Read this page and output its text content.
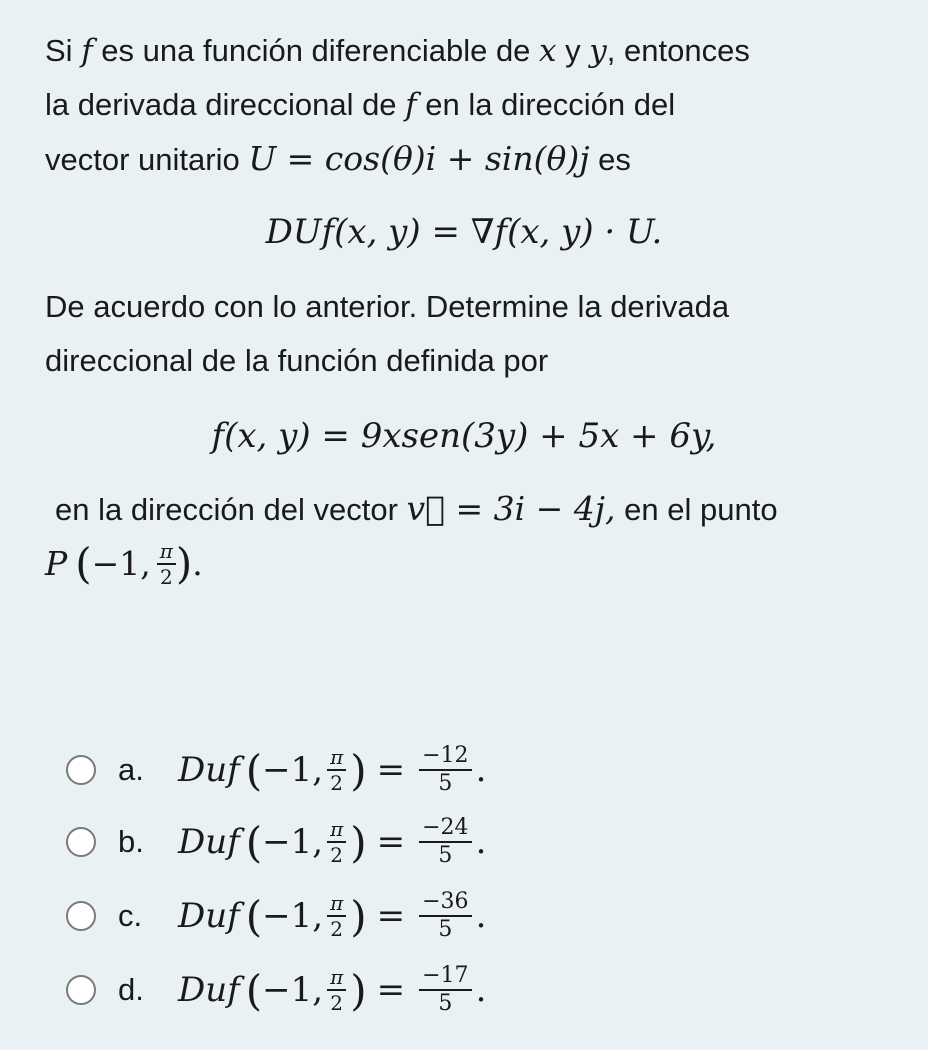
Si f es una función diferenciable de x y y, entonces
la derivada direccional de f en la dirección del
vector unitario U = cos(θ)i + sin(θ)j es
DUf(x, y) = ∇f(x, y) · U.
De acuerdo con lo anterior. Determine la derivada
direccional de la función definida por
f(x, y) = 9xsen(3y) + 5x + 6y,
en la dirección del vector v⃗ = 3i − 4j, en el punto
P ( −1, $\frac{\pi}{2}$ ) .
a.	Duf ( −1, $\frac{\pi}{2}$ ) = $\frac{-12}{5}$ .
b.	Duf ( −1, $\frac{\pi}{2}$ ) = $\frac{-24}{5}$ .
c.	Duf ( −1, $\frac{\pi}{2}$ ) = $\frac{-36}{5}$ .
d.	Duf ( −1, $\frac{\pi}{2}$ ) = $\frac{-17}{5}$ .
